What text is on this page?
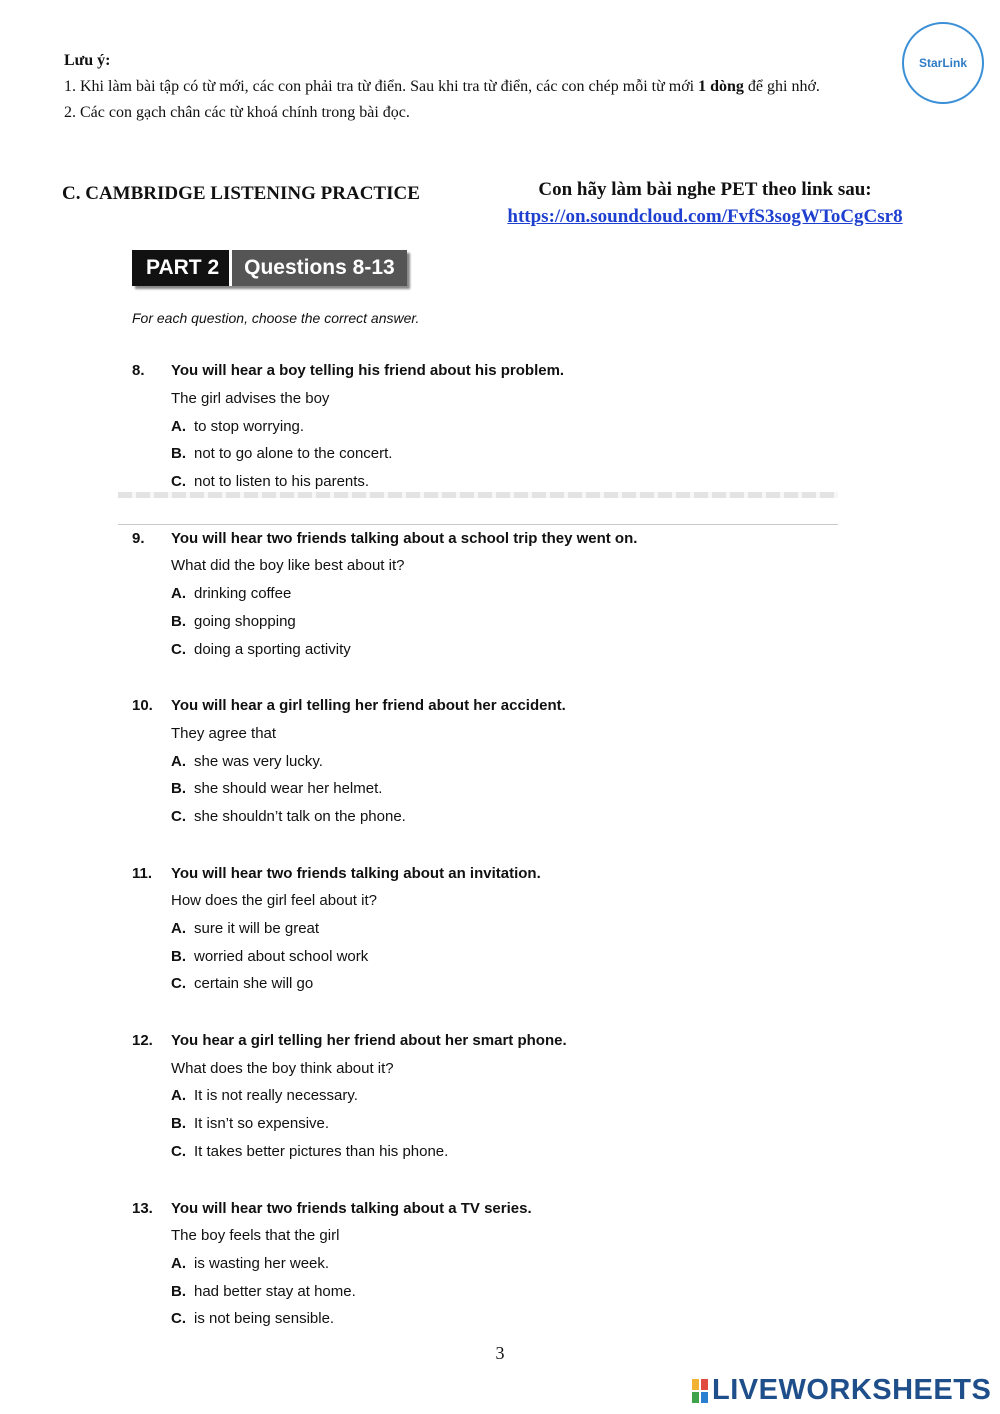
Lưu ý:
1. Khi làm bài tập có từ mới, các con phải tra từ điển. Sau khi tra từ điển, các con chép mỗi từ mới 1 dòng để ghi nhớ.
2. Các con gạch chân các từ khoá chính trong bài đọc.
StarLink
C. CAMBRIDGE LISTENING PRACTICE	Con hãy làm bài nghe PET theo link sau:
https://on.soundcloud.com/FvfS3sogWToCgCsr8
PART 2	Questions 8-13
For each question, choose the correct answer.
8.	You will hear a boy telling his friend about his problem.
The girl advises the boy
A. to stop worrying.
B. not to go alone to the concert.
C. not to listen to his parents.
9.	You will hear two friends talking about a school trip they went on.
What did the boy like best about it?
A. drinking coffee
B. going shopping
C. doing a sporting activity
10.	You will hear a girl telling her friend about her accident.
They agree that
A. she was very lucky.
B. she should wear her helmet.
C. she shouldn’t talk on the phone.
11.	You will hear two friends talking about an invitation.
How does the girl feel about it?
A. sure it will be great
B. worried about school work
C. certain she will go
12.	You hear a girl telling her friend about her smart phone.
What does the boy think about it?
A. It is not really necessary.
B. It isn’t so expensive.
C. It takes better pictures than his phone.
13.	You will hear two friends talking about a TV series.
The boy feels that the girl
A. is wasting her week.
B. had better stay at home.
C. is not being sensible.
3
LIVEWORKSHEETS
